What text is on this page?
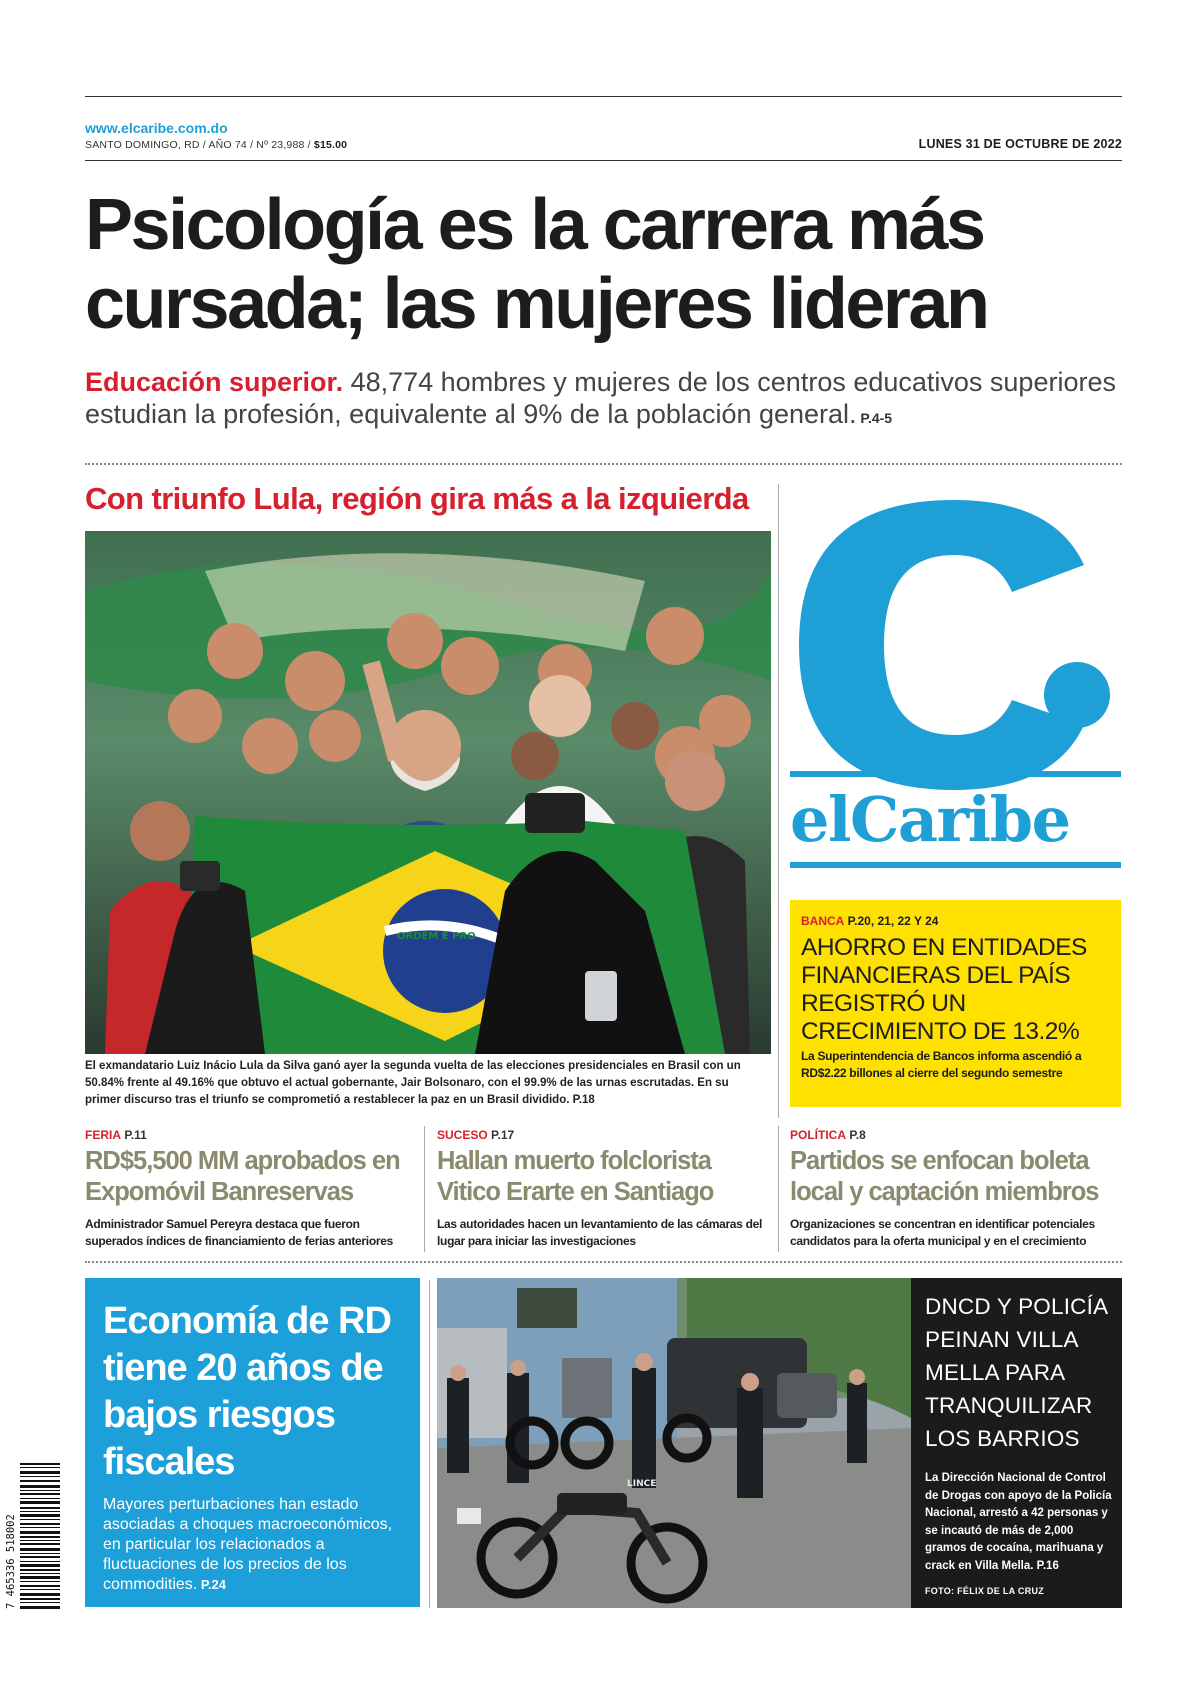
www.elcaribe.com.do
SANTO DOMINGO, RD / AÑO 74 / Nº 23,988 / $15.00	LUNES 31 DE OCTUBRE DE 2022
Psicología es la carrera más
cursada; las mujeres lideran
Educación superior. 48,774 hombres y mujeres de los centros educativos superiores estudian la profesión, equivalente al 9% de la población general. P.4-5
Con triunfo Lula, región gira más a la izquierda
ORDEM E PRO
El exmandatario Luiz Inácio Lula da Silva ganó ayer la segunda vuelta de las elecciones presidenciales en Brasil con un 50.84% frente al 49.16% que obtuvo el actual gobernante, Jair Bolsonaro, con el 99.9% de las urnas escrutadas. En su primer discurso tras el triunfo se comprometió a restablecer la paz en un Brasil dividido. P.18
elCaribe
BANCA P.20, 21, 22 Y 24
AHORRO EN ENTIDADES FINANCIERAS DEL PAÍS REGISTRÓ UN CRECIMIENTO DE 13.2%
La Superintendencia de Bancos informa ascendió a RD$2.22 billones al cierre del segundo semestre
FERIA P.11
RD$5,500 MM aprobados en Expomóvil Banreservas
Administrador Samuel Pereyra destaca que fueron superados índices de financiamiento de ferias anteriores
SUCESO P.17
Hallan muerto folclorista Vitico Erarte en Santiago
Las autoridades hacen un levantamiento de las cámaras del lugar para iniciar las investigaciones
POLÍTICA P.8
Partidos se enfocan boleta local y captación miembros
Organizaciones se concentran en identificar potenciales candidatos para la oferta municipal y en el crecimiento
Economía de RD tiene 20 años de bajos riesgos fiscales
Mayores perturbaciones han estado asociadas a choques macroeconómicos, en particular los relacionados a fluctuaciones de los precios de los commodities. P.24
LINCE
DNCD Y POLICÍA PEINAN VILLA MELLA PARA TRANQUILIZAR LOS BARRIOS
La Dirección Nacional de Control de Drogas con apoyo de la Policía Nacional, arrestó a 42 personas y se incautó de más de 2,000 gramos de cocaína, marihuana y crack en Villa Mella. P.16
FOTO: FÉLIX DE LA CRUZ
7 465336 518002
